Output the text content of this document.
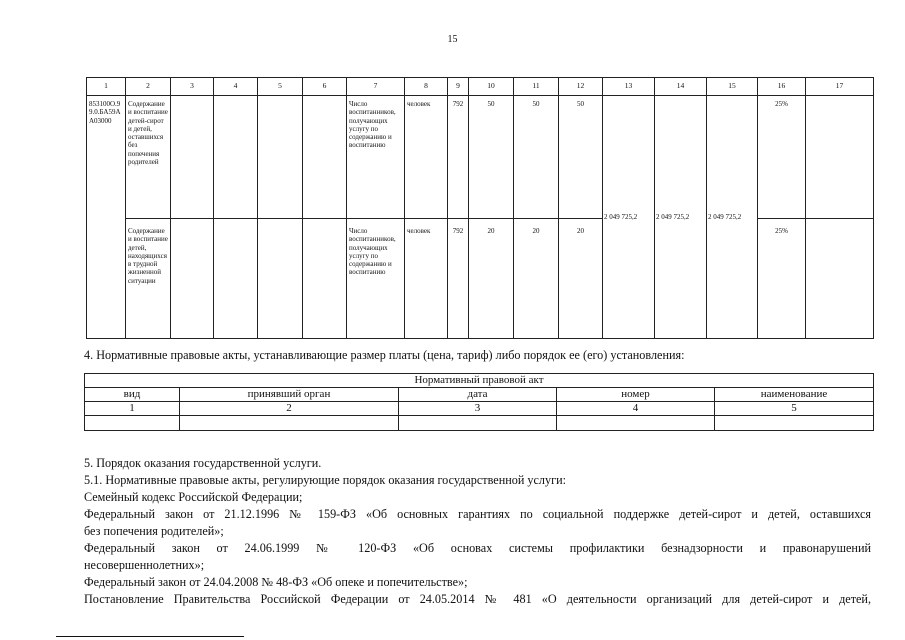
15
1	2	3	4	5	6	7	8	9	10	11	12	13	14	15	16	17
853100О.99.0.БА59АА03000	Содержание и воспитание детей-сирот и детей, оставшихся без попечения родителей					Число воспитанников, получающих услугу по содержанию и воспитанию	человек	792	50	50	50	2 049 725,2	2 049 725,2	2 049 725,2	25%	
	Содержание и воспитание детей, находящихся в трудной жизненной ситуации					Число воспитанников, получающих услугу по содержанию и воспитанию	человек	792	20	20	20				25%	
4. Нормативные правовые акты, устанавливающие размер платы (цена, тариф) либо порядок ее (его) установления:
Нормативный правовой акт				
вид	принявший орган	дата	номер	наименование
1	2	3	4	5

5. Порядок оказания государственной услуги.
5.1. Нормативные правовые акты, регулирующие порядок оказания государственной услуги:
Семейный кодекс Российской Федерации;
Федеральный закон от 21.12.1996 № 159-ФЗ «Об основных гарантиях по социальной поддержке детей-сирот и детей, оставшихся
без попечения родителей»;
Федеральный закон от 24.06.1999 № 120-ФЗ «Об основах системы профилактики безнадзорности и правонарушений
несовершеннолетних»;
Федеральный закон от 24.04.2008 № 48-ФЗ «Об опеке и попечительстве»;
Постановление Правительства Российской Федерации от 24.05.2014 № 481 «О деятельности организаций для детей-сирот и детей,
